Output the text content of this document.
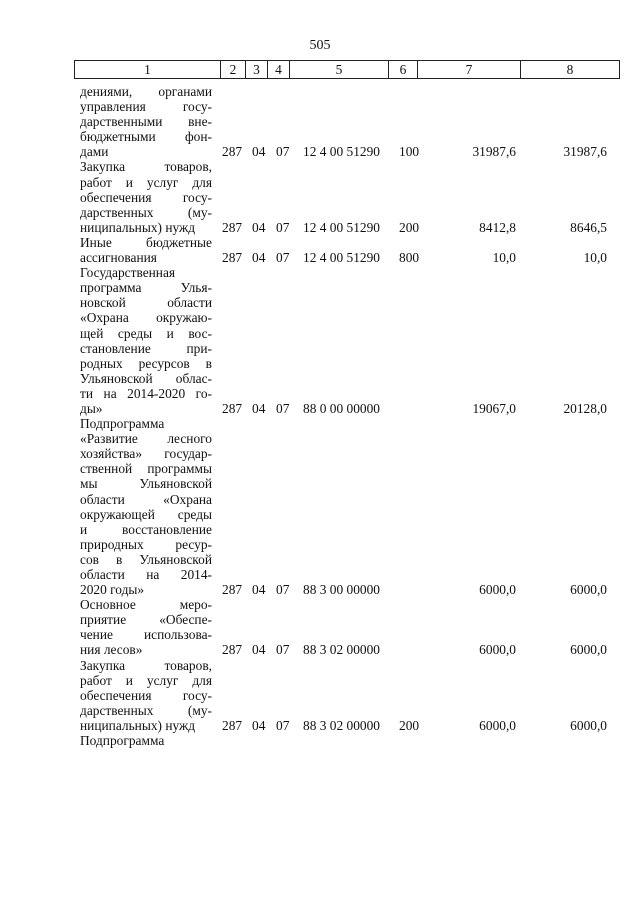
505
1	2	3	4	5	6	7	8
дениями, органами
управления госу-
дарственными вне-
бюджетными фон-
дами	287 04 07 12 4 00 51290 100	31987,6	31987,6
Закупка товаров,
работ и услуг для
обеспечения госу-
дарственных (му-
ниципальных) нужд	287 04 07 12 4 00 51290 200	8412,8	8646,5
Иные бюджетные
ассигнования	287 04 07 12 4 00 51290 800	10,0	10,0
Государственная
программа Улья-
новской области
«Охрана окружаю-
щей среды и вос-
становление при-
родных ресурсов в
Ульяновской облас-
ти на 2014-2020 го-
ды»	287 04 07 88 0 00 00000	19067,0	20128,0
Подпрограмма
«Развитие лесного
хозяйства» государ-
ственной программы
мы Ульяновской
области «Охрана
окружающей среды
и восстановление
природных ресур-
сов в Ульяновской
области на 2014-
2020 годы»	287 04 07 88 3 00 00000	6000,0	6000,0
Основное меро-
приятие «Обеспе-
чение использова-
ния лесов»	287 04 07 88 3 02 00000	6000,0	6000,0
Закупка товаров,
работ и услуг для
обеспечения госу-
дарственных (му-
ниципальных) нужд	287 04 07 88 3 02 00000 200	6000,0	6000,0
Подпрограмма
